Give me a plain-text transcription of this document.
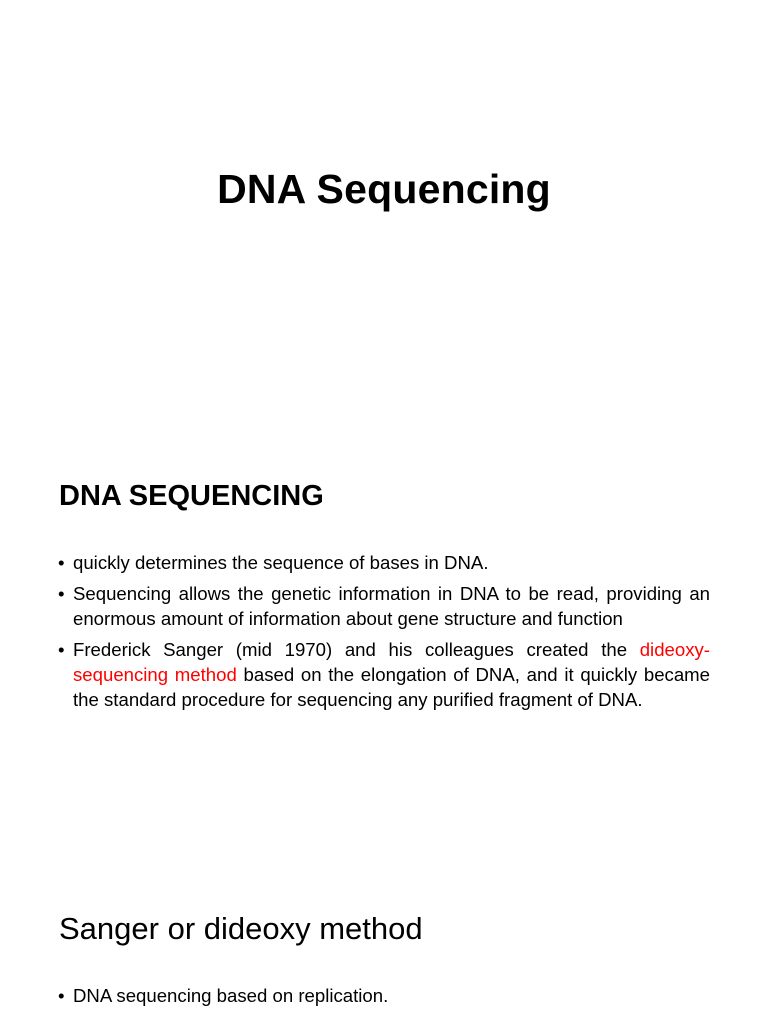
DNA Sequencing
DNA SEQUENCING
• quickly determines the sequence of bases in DNA.
• Sequencing allows the genetic information in DNA to be read, providing an enormous amount of information about gene structure and function
• Frederick Sanger (mid 1970) and his colleagues created the dideoxy-sequencing method based on the elongation of DNA, and it quickly became the standard procedure for sequencing any purified fragment of DNA.
Sanger or dideoxy method
• DNA sequencing based on replication.
